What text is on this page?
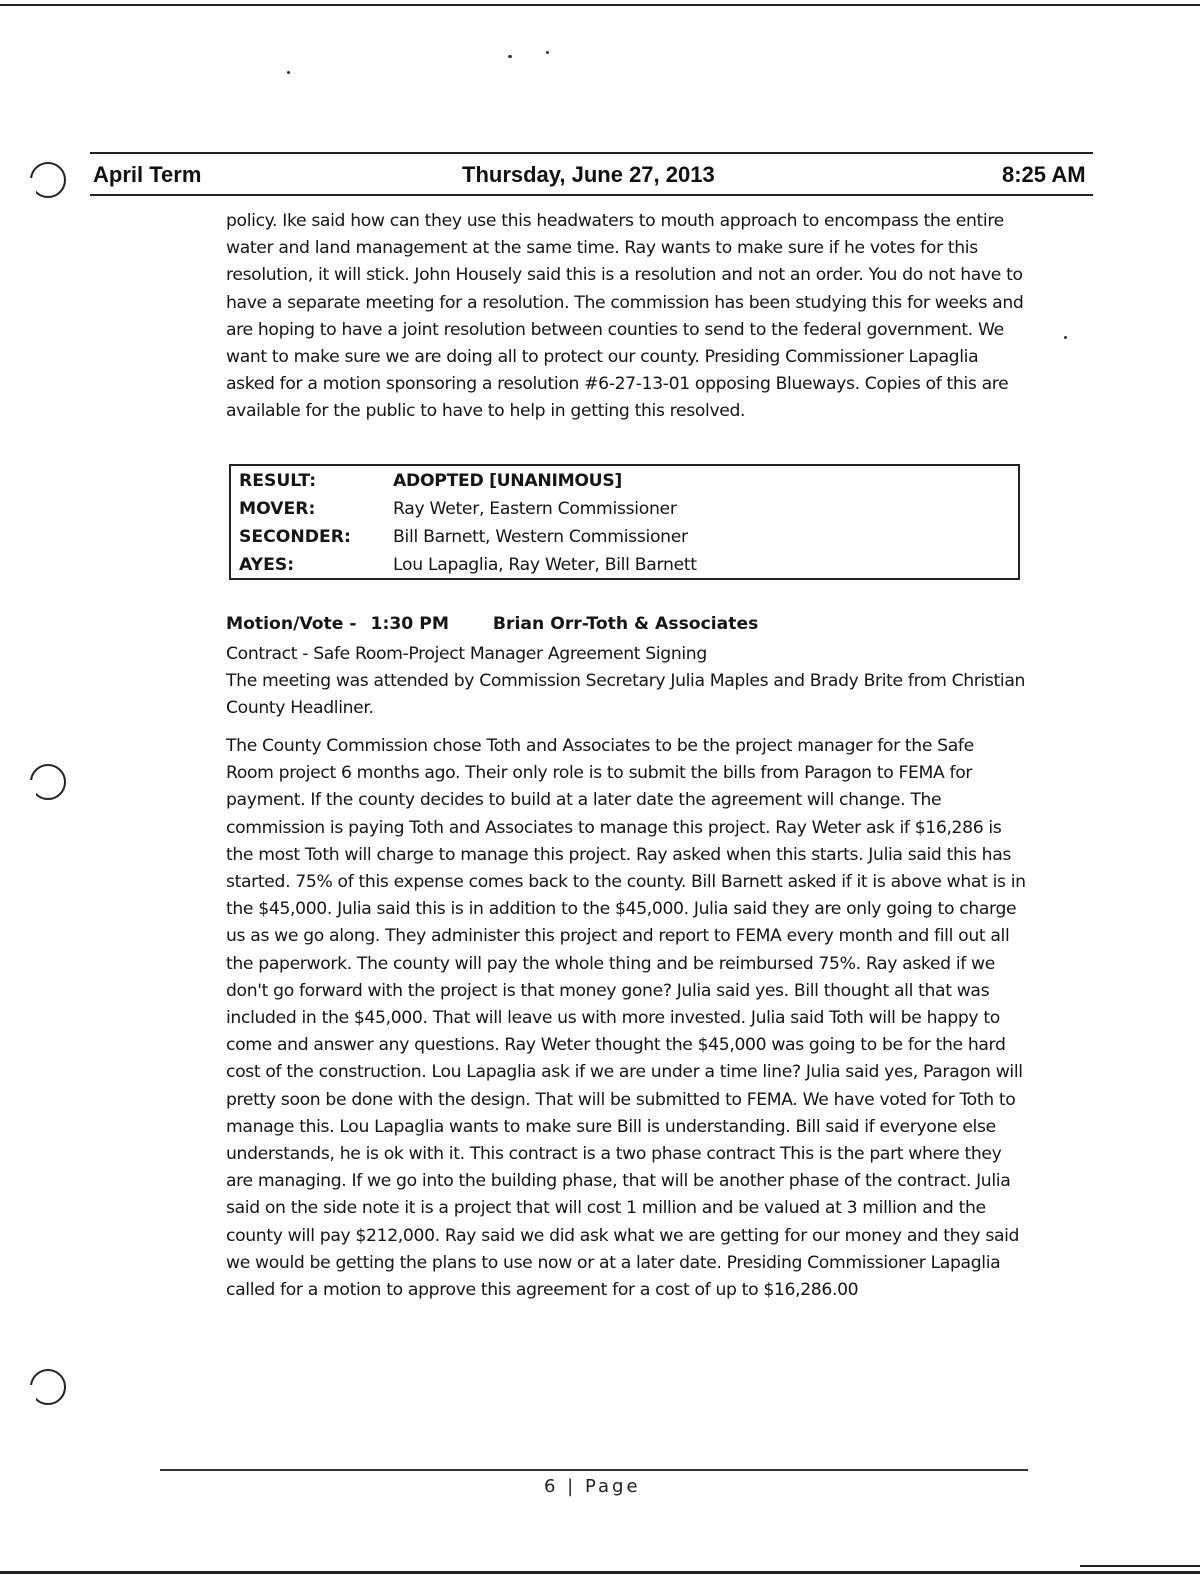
April Term	Thursday, June 27, 2013	8:25 AM

policy. Ike said how can they use this headwaters to mouth approach to encompass the entire water and land management at the same time. Ray wants to make sure if he votes for this resolution, it will stick. John Housely said this is a resolution and not an order. You do not have to have a separate meeting for a resolution. The commission has been studying this for weeks and are hoping to have a joint resolution between counties to send to the federal government. We want to make sure we are doing all to protect our county. Presiding Commissioner Lapaglia asked for a motion sponsoring a resolution #6-27-13-01 opposing Blueways. Copies of this are available for the public to have to help in getting this resolved.

RESULT:	ADOPTED [UNANIMOUS]
MOVER:	Ray Weter, Eastern Commissioner
SECONDER: Bill Barnett, Western Commissioner
AYES:	Lou Lapaglia, Ray Weter, Bill Barnett
Motion/Vote - 1:30 PM	Brian Orr-Toth & Associates

Contract - Safe Room-Project Manager Agreement Signing

The meeting was attended by Commission Secretary Julia Maples and Brady Brite from Christian County Headliner.

The County Commission chose Toth and Associates to be the project manager for the Safe Room project 6 months ago. Their only role is to submit the bills from Paragon to FEMA for payment. If the county decides to build at a later date the agreement will change. The commission is paying Toth and Associates to manage this project. Ray Weter ask if $16,286 is the most Toth will charge to manage this project. Ray asked when this starts. Julia said this has started. 75% of this expense comes back to the county. Bill Barnett asked if it is above what is in the $45,000. Julia said this is in addition to the $45,000. Julia said they are only going to charge us as we go along. They administer this project and report to FEMA every month and fill out all the paperwork. The county will pay the whole thing and be reimbursed 75%. Ray asked if we don't go forward with the project is that money gone? Julia said yes. Bill thought all that was included in the $45,000. That will leave us with more invested. Julia said Toth will be happy to come and answer any questions. Ray Weter thought the $45,000 was going to be for the hard cost of the construction. Lou Lapaglia ask if we are under a time line? Julia said yes, Paragon will pretty soon be done with the design. That will be submitted to FEMA. We have voted for Toth to manage this. Lou Lapaglia wants to make sure Bill is understanding. Bill said if everyone else understands, he is ok with it. This contract is a two phase contract This is the part where they are managing. If we go into the building phase, that will be another phase of the contract. Julia said on the side note it is a project that will cost 1 million and be valued at 3 million and the county will pay $212,000. Ray said we did ask what we are getting for our money and they said we would be getting the plans to use now or at a later date. Presiding Commissioner Lapaglia called for a motion to approve this agreement for a cost of up to $16,286.00

6 | Page
